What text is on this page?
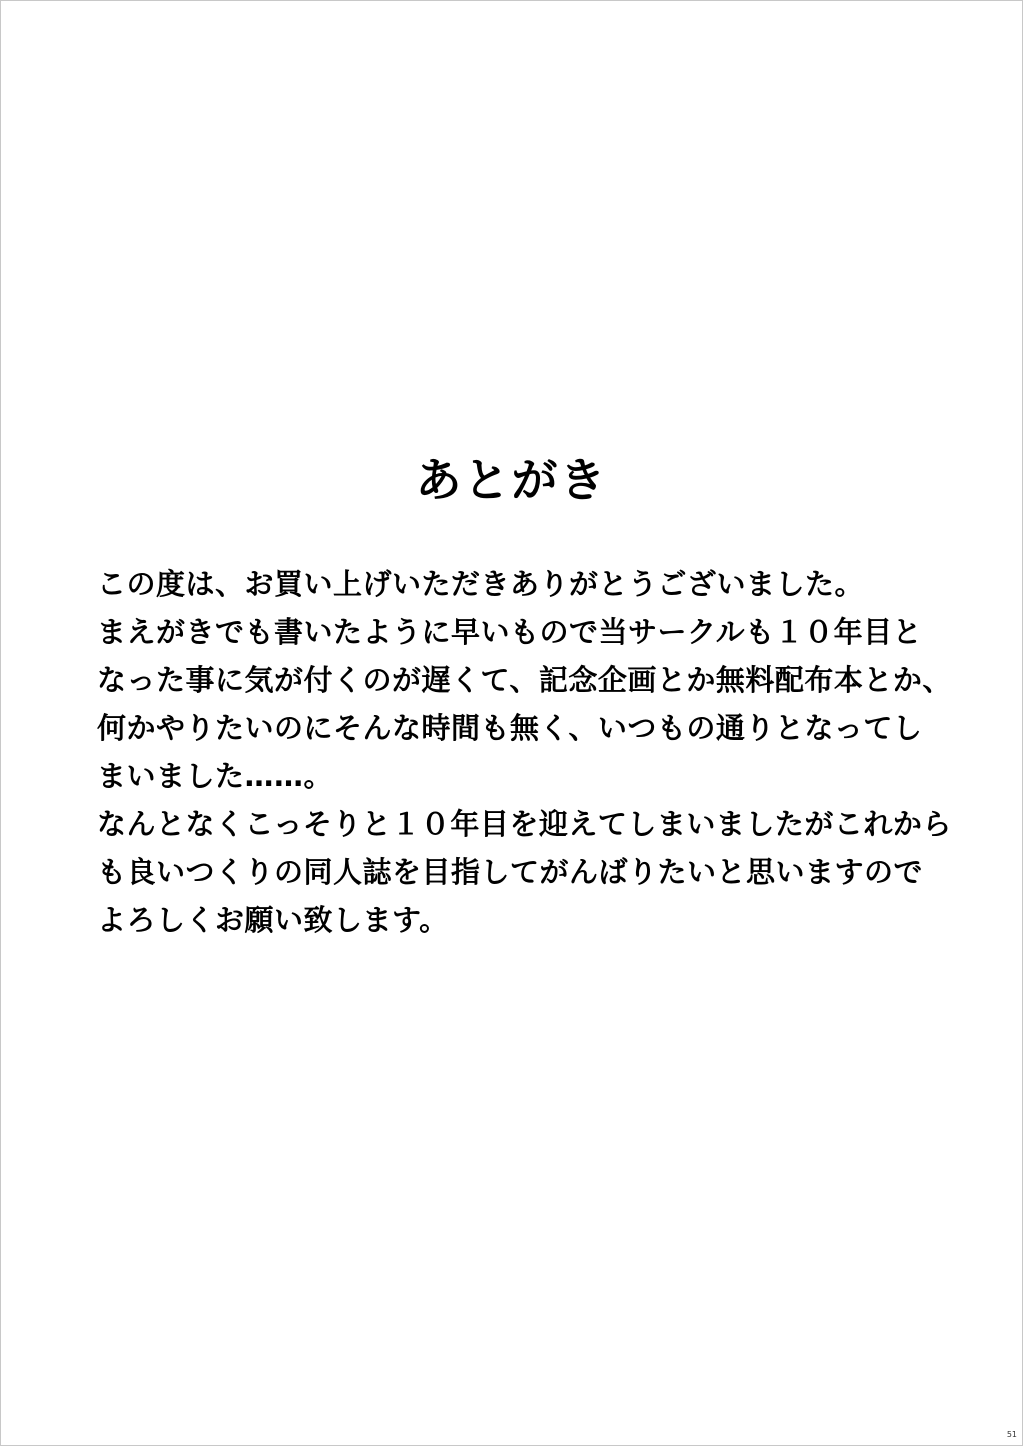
あとがき
この度は、お買い上げいただきありがとうございました。
まえがきでも書いたように早いもので当サークルも１０年目と
なった事に気が付くのが遅くて、記念企画とか無料配布本とか、
何かやりたいのにそんな時間も無く、いつもの通りとなってし
まいました……。
なんとなくこっそりと１０年目を迎えてしまいましたがこれから
も良いつくりの同人誌を目指してがんばりたいと思いますので
よろしくお願い致します。
51
